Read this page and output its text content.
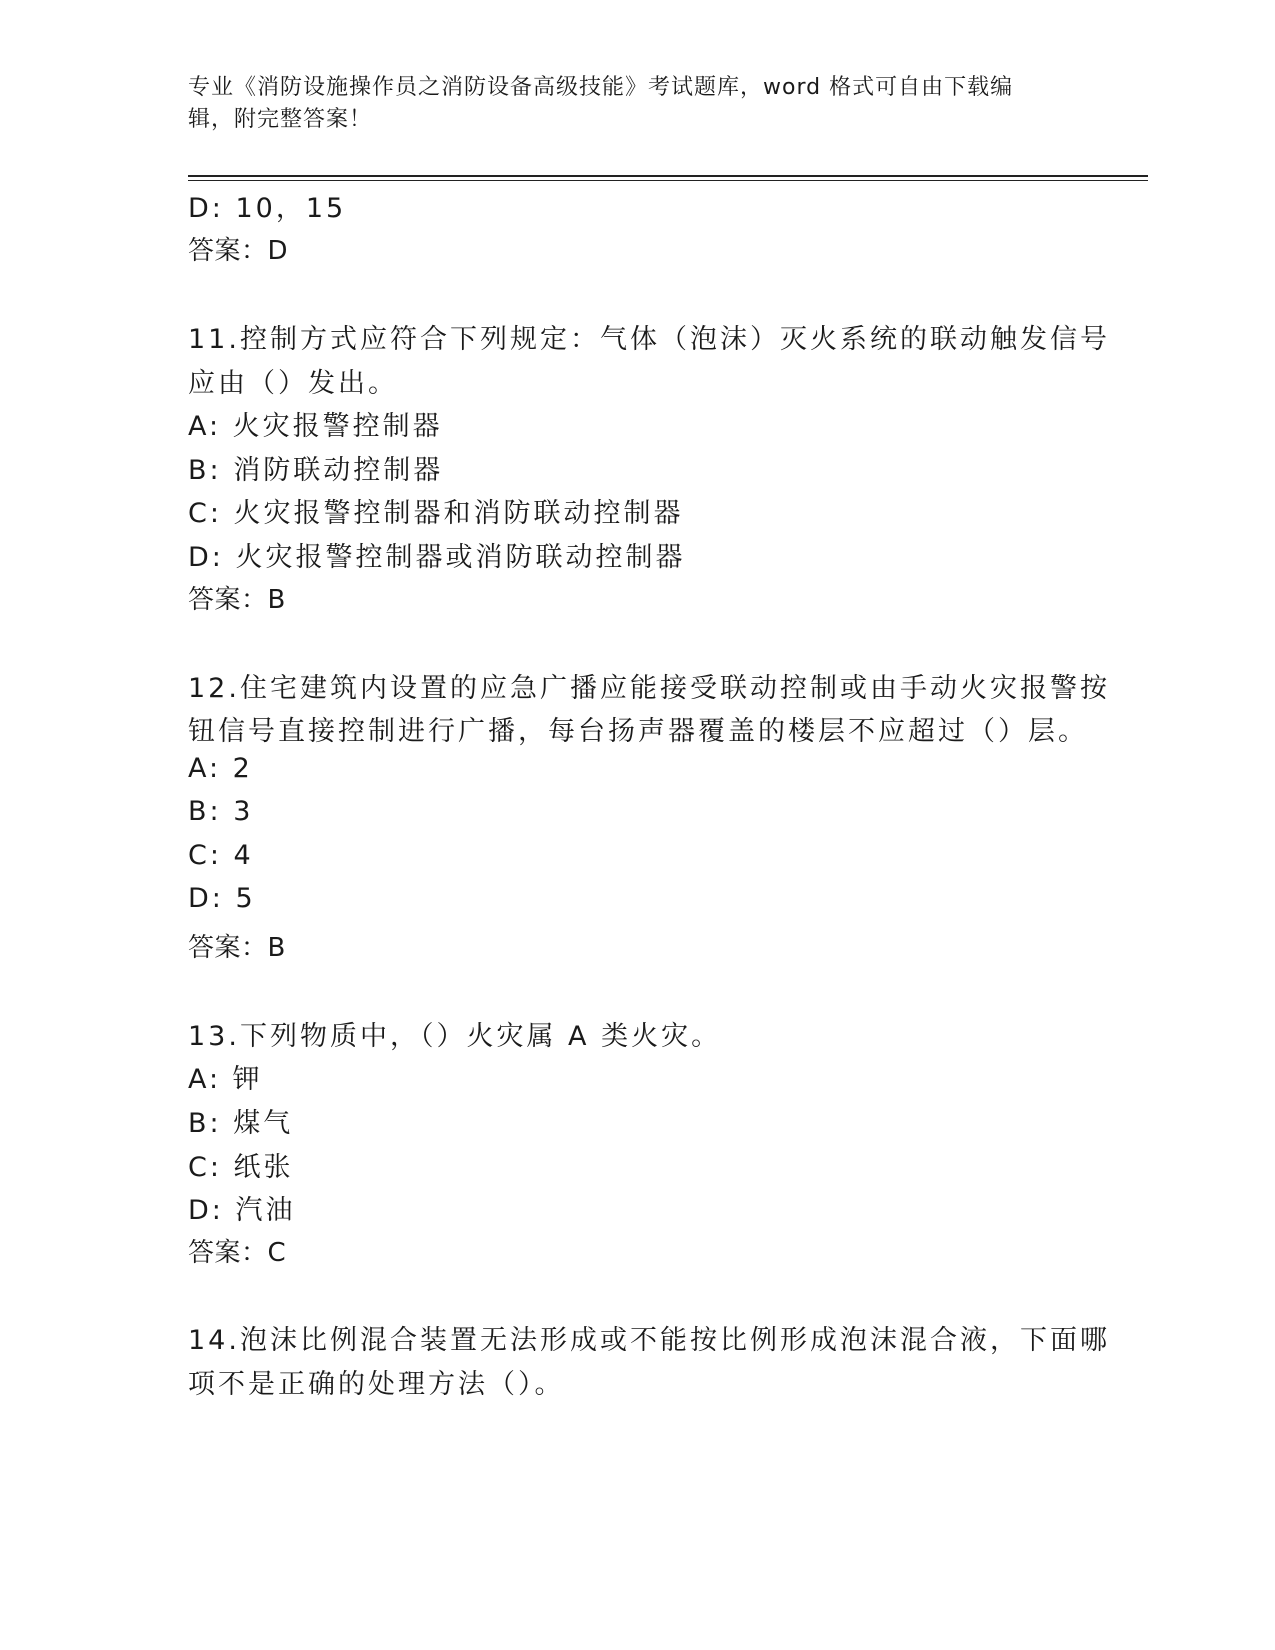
专业《消防设施操作员之消防设备高级技能》考试题库，word 格式可自由下载编
辑，附完整答案！
D: 10，15
答案：D
11.控制方式应符合下列规定：气体（泡沫）灭火系统的联动触发信号
应由（）发出。
A: 火灾报警控制器
B: 消防联动控制器
C: 火灾报警控制器和消防联动控制器
D: 火灾报警控制器或消防联动控制器
答案：B
12.住宅建筑内设置的应急广播应能接受联动控制或由手动火灾报警按
钮信号直接控制进行广播，每台扬声器覆盖的楼层不应超过（）层。
A: 2
B: 3
C: 4
D: 5
答案：B
13.下列物质中，（）火灾属 A 类火灾。
A: 钾
B: 煤气
C: 纸张
D: 汽油
答案：C
14.泡沫比例混合装置无法形成或不能按比例形成泡沫混合液，下面哪
项不是正确的处理方法（）。
